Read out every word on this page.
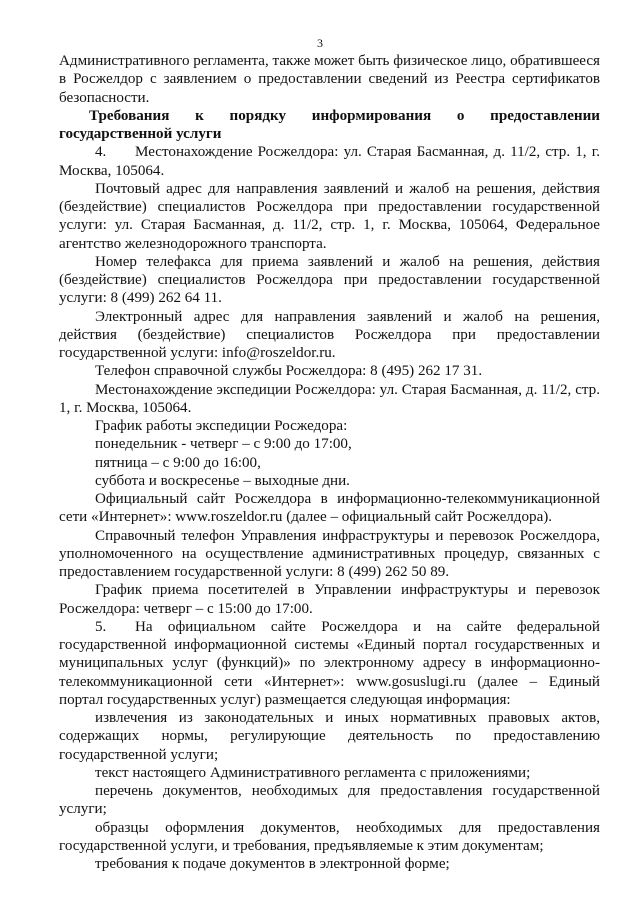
3

Административного регламента, также может быть физическое лицо, обратившееся в Росжелдор с заявлением о предоставлении сведений из Реестра сертификатов безопасности.

Требования к порядку информирования о предоставлении государственной услуги

4. Местонахождение Росжелдора: ул. Старая Басманная, д. 11/2, стр. 1, г. Москва, 105064.

Почтовый адрес для направления заявлений и жалоб на решения, действия (бездействие) специалистов Росжелдора при предоставлении государственной услуги: ул. Старая Басманная, д. 11/2, стр. 1, г. Москва, 105064, Федеральное агентство железнодорожного транспорта.

Номер телефакса для приема заявлений и жалоб на решения, действия (бездействие) специалистов Росжелдора при предоставлении государственной услуги: 8 (499) 262 64 11.

Электронный адрес для направления заявлений и жалоб на решения, действия (бездействие) специалистов Росжелдора при предоставлении государственной услуги: info@roszeldor.ru.

Телефон справочной службы Росжелдора: 8 (495) 262 17 31.

Местонахождение экспедиции Росжелдора: ул. Старая Басманная, д. 11/2, стр. 1, г. Москва, 105064.

График работы экспедиции Росжедора:

понедельник - четверг – с 9:00 до 17:00,

пятница – с 9:00 до 16:00,

суббота и воскресенье – выходные дни.

Официальный сайт Росжелдора в информационно-телекоммуникационной сети «Интернет»: www.roszeldor.ru (далее – официальный сайт Росжелдора).

Справочный телефон Управления инфраструктуры и перевозок Росжелдора, уполномоченного на осуществление административных процедур, связанных с предоставлением государственной услуги: 8 (499) 262 50 89.

График приема посетителей в Управлении инфраструктуры и перевозок Росжелдора: четверг – с 15:00 до 17:00.

5. На официальном сайте Росжелдора и на сайте федеральной государственной информационной системы «Единый портал государственных и муниципальных услуг (функций)» по электронному адресу в информационно-телекоммуникационной сети «Интернет»: www.gosuslugi.ru (далее – Единый портал государственных услуг) размещается следующая информация:

извлечения из законодательных и иных нормативных правовых актов, содержащих нормы, регулирующие деятельность по предоставлению государственной услуги;

текст настоящего Административного регламента с приложениями;

перечень документов, необходимых для предоставления государственной услуги;

образцы оформления документов, необходимых для предоставления государственной услуги, и требования, предъявляемые к этим документам;

требования к подаче документов в электронной форме;
